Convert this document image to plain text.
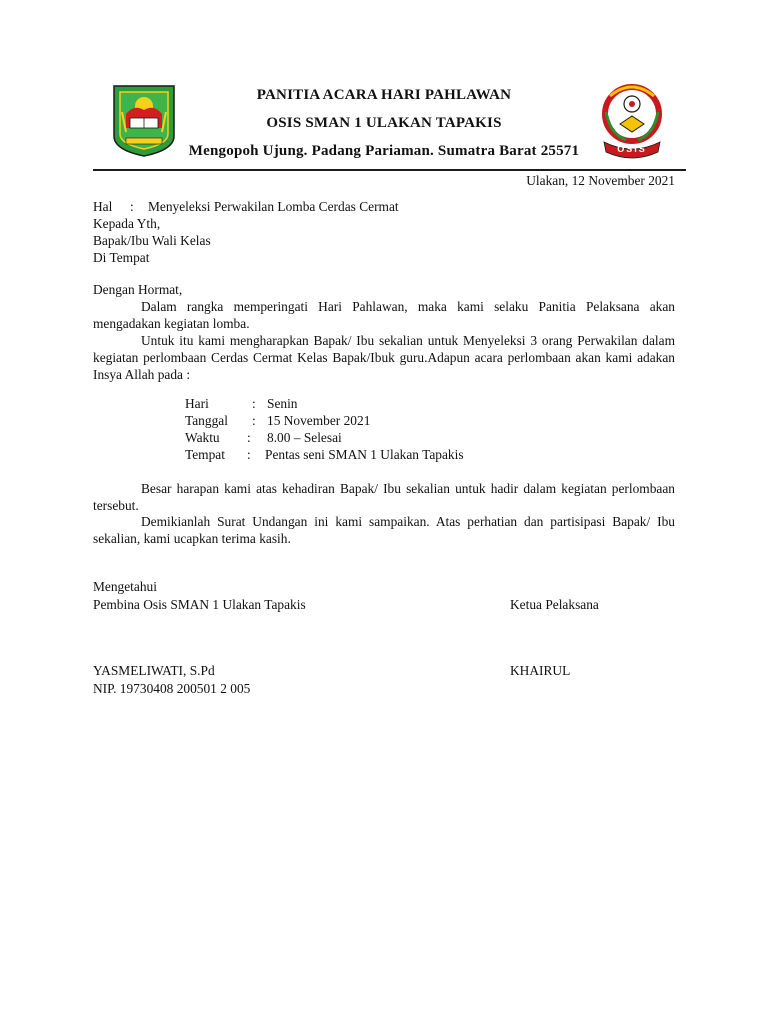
OSIS
PANITIA ACARA HARI PAHLAWAN
OSIS SMAN 1 ULAKAN TAPAKIS
Mengopoh Ujung. Padang Pariaman. Sumatra Barat 25571
Ulakan, 12 November 2021
Hal : Menyeleksi Perwakilan Lomba Cerdas Cermat
Kepada Yth,
Bapak/Ibu Wali Kelas
Di Tempat
Dengan Hormat,
Dalam rangka memperingati Hari Pahlawan, maka kami selaku Panitia Pelaksana akan mengadakan kegiatan lomba.
Untuk itu kami mengharapkan Bapak/ Ibu sekalian untuk Menyeleksi 3 orang Perwakilan dalam kegiatan perlombaan Cerdas Cermat Kelas Bapak/Ibuk guru.Adapun acara perlombaan akan kami adakan Insya Allah pada :
Hari	: Senin
Tanggal : 15 November 2021
Waktu : 8.00 – Selesai
Tempat : Pentas seni SMAN 1 Ulakan Tapakis
Besar harapan kami atas kehadiran Bapak/ Ibu sekalian untuk hadir dalam kegiatan perlombaan tersebut.
Demikianlah Surat Undangan ini kami sampaikan. Atas perhatian dan partisipasi Bapak/ Ibu sekalian, kami ucapkan terima kasih.
Mengetahui
Pembina Osis SMAN 1 Ulakan Tapakis	Ketua Pelaksana
YASMELIWATI, S.Pd	KHAIRUL
NIP. 19730408 200501 2 005
